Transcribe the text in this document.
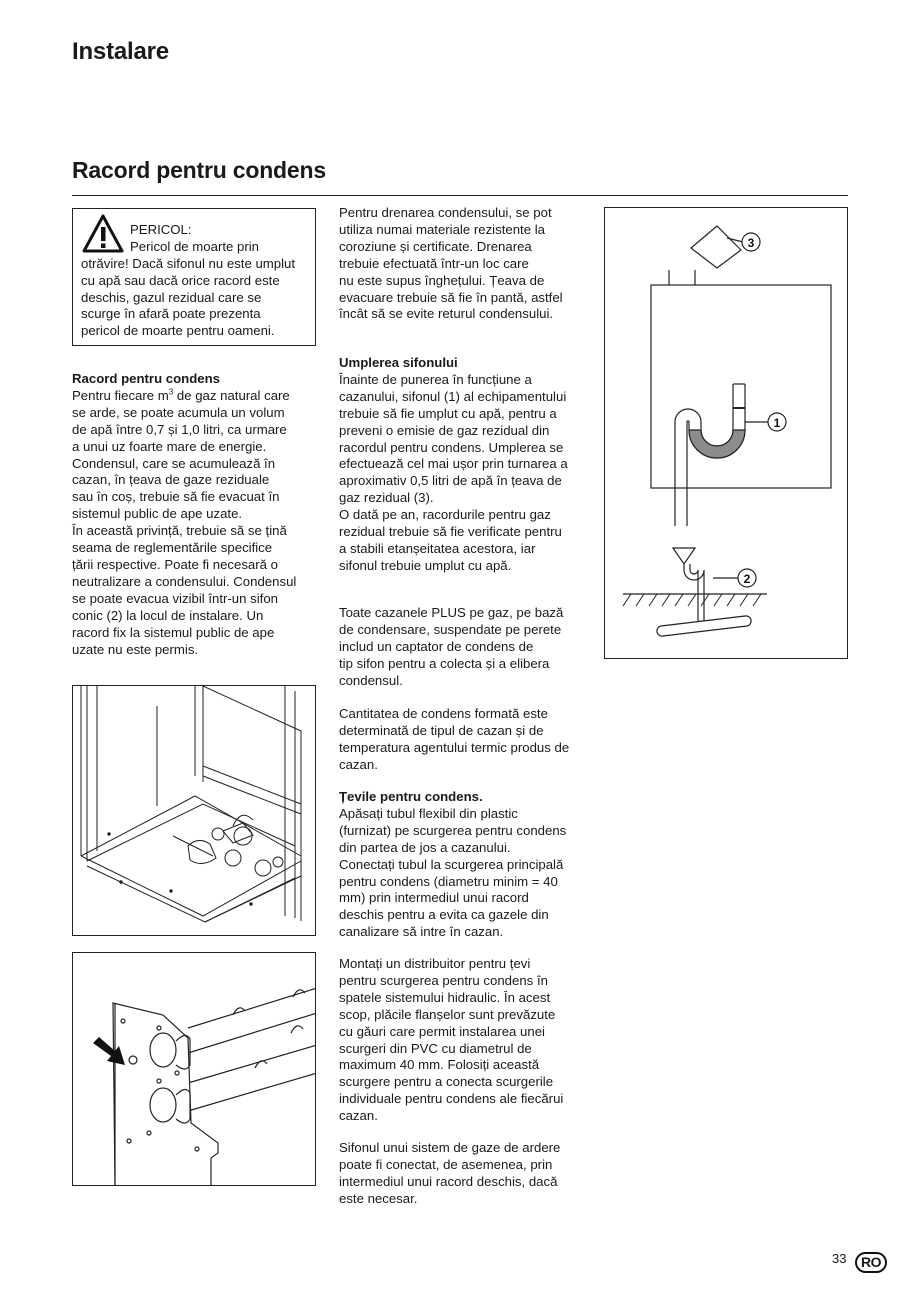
Instalare
Racord pentru condens
PERICOL:
Pericol de moarte prin
otrăvire! Dacă sifonul nu este umplut
cu apă sau dacă orice racord este
deschis, gazul rezidual care se
scurge în afară poate prezenta
pericol de moarte pentru oameni.
Racord pentru condens
Pentru fiecare $m^3$ de gaz natural care
se arde, se poate acumula un volum
de apă între 0,7 și 1,0 litri, ca urmare
a unui uz foarte mare de energie.
Condensul, care se acumulează în
cazan, în țeava de gaze reziduale
sau în coș, trebuie să fie evacuat în
sistemul public de ape uzate.
În această privință, trebuie să se țină
seama de reglementările specifice
țării respective. Poate fi necesară o
neutralizare a condensului. Condensul
se poate evacua vizibil într-un sifon
conic (2) la locul de instalare. Un
racord fix la sistemul public de ape
uzate nu este permis.
Pentru drenarea condensului, se pot
utiliza numai materiale rezistente la
coroziune și certificate. Drenarea
trebuie efectuată într-un loc care
nu este supus înghețului. Țeava de
evacuare trebuie să fie în pantă, astfel
încât să se evite returul condensului.
Umplerea sifonului
Înainte de punerea în funcțiune a
cazanului, sifonul (1) al echipamentului
trebuie să fie umplut cu apă, pentru a
preveni o emisie de gaz rezidual din
racordul pentru condens. Umplerea se
efectuează cel mai ușor prin turnarea a
aproximativ 0,5 litri de apă în țeava de
gaz rezidual (3).
O dată pe an, racordurile pentru gaz
rezidual trebuie să fie verificate pentru
a stabili etanșeitatea acestora, iar
sifonul trebuie umplut cu apă.
Toate cazanele PLUS pe gaz, pe bază
de condensare, suspendate pe perete
includ un captator de condens de
tip sifon pentru a colecta și a elibera
condensul.
Cantitatea de condens formată este
determinată de tipul de cazan și de
temperatura agentului termic produs de
cazan.
Țevile pentru condens.
Apăsați tubul flexibil din plastic
(furnizat) pe scurgerea pentru condens
din partea de jos a cazanului.
Conectați tubul la scurgerea principală
pentru condens (diametru minim = 40
mm) prin intermediul unui racord
deschis pentru a evita ca gazele din
canalizare să intre în cazan.
Montați un distribuitor pentru țevi
pentru scurgerea pentru condens în
spatele sistemului hidraulic. În acest
scop, plăcile flanșelor sunt prevăzute
cu găuri care permit instalarea unei
scurgeri din PVC cu diametrul de
maximum 40 mm. Folosiți această
scurgere pentru a conecta scurgerile
individuale pentru condens ale fiecărui
cazan.
Sifonul unui sistem de gaze de ardere
poate fi conectat, de asemenea, prin
intermediul unui racord deschis, dacă
este necesar.
3
1
2
33	RO
